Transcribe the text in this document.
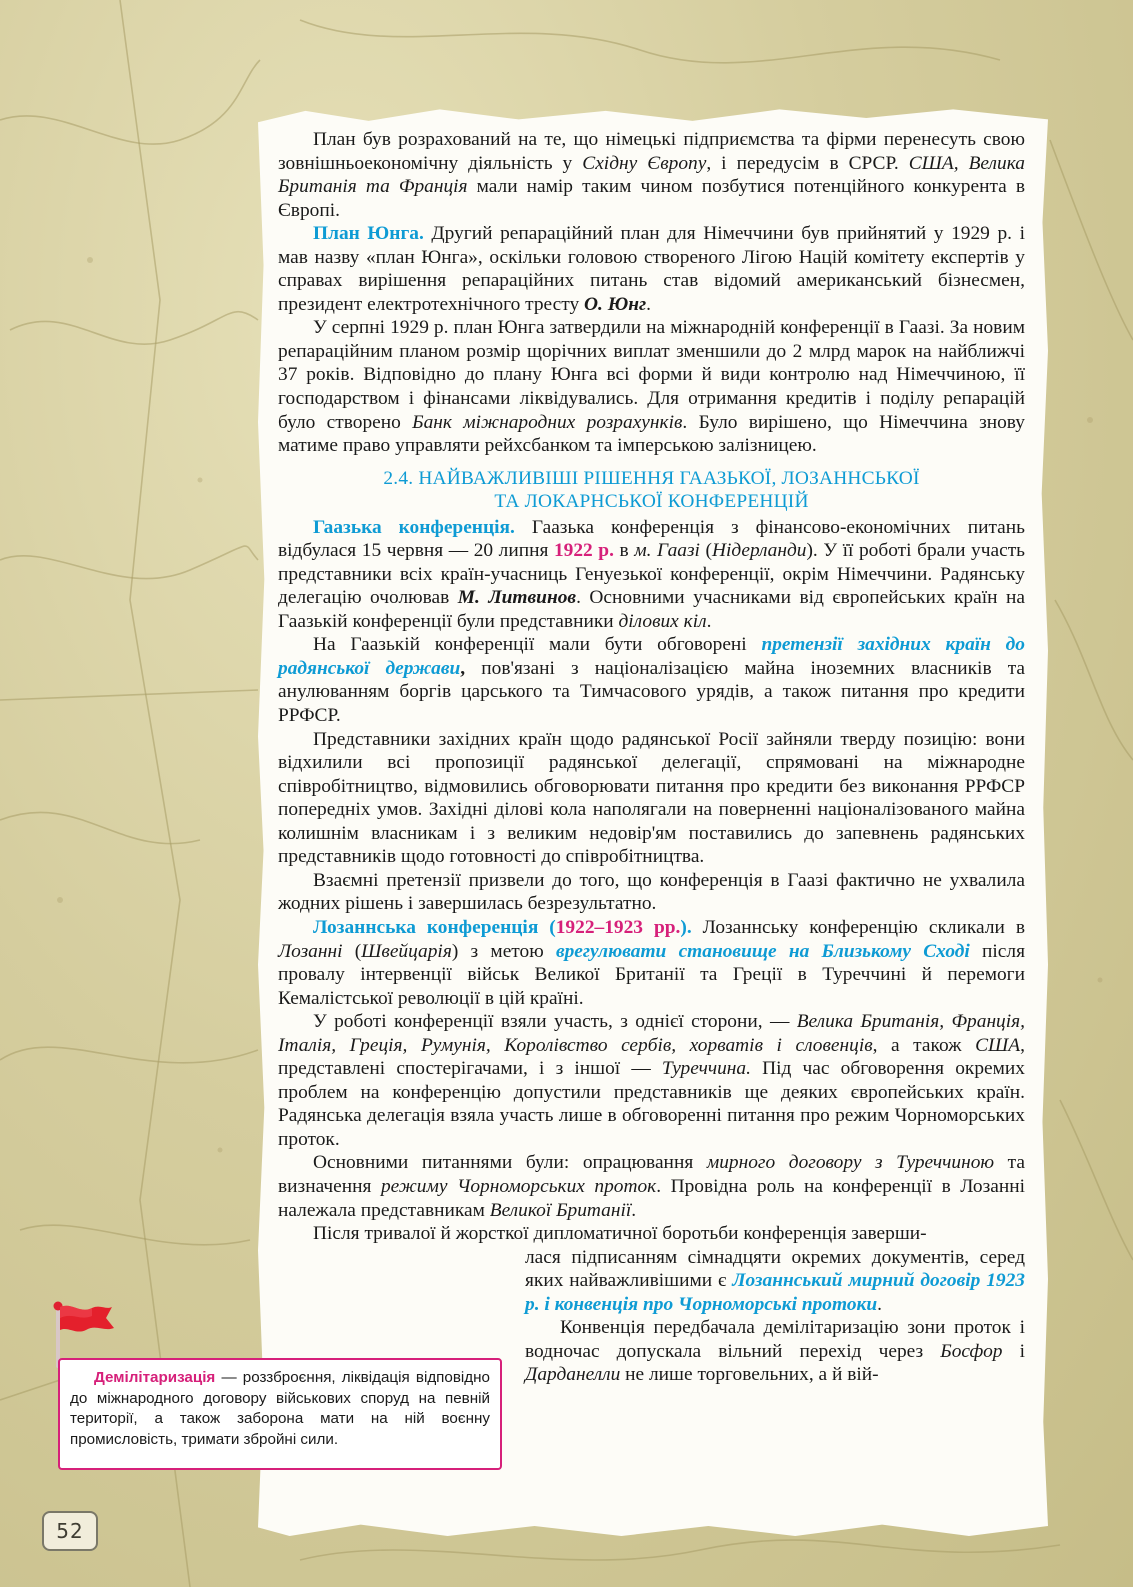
План був розрахований на те, що німецькі підприємства та фірми перенесуть свою зовнішньоекономічну діяльність у Східну Європу, і передусім в СРСР. США, Велика Британія та Франція мали намір таким чином позбутися потенційного конкурента в Європі.

План Юнга. Другий репараційний план для Німеччини був прийнятий у 1929 р. і мав назву «план Юнга», оскільки головою створеного Лігою Націй комітету експертів у справах вирішення репараційних питань став відомий американський бізнесмен, президент електротехнічного тресту О. Юнг.

У серпні 1929 р. план Юнга затвердили на міжнародній конференції в Гаазі. За новим репараційним планом розмір щорічних виплат зменшили до 2 млрд марок на найближчі 37 років. Відповідно до плану Юнга всі форми й види контролю над Німеччиною, її господарством і фінансами ліквідувались. Для отримання кредитів і поділу репарацій було створено Банк міжнародних розрахунків. Було вирішено, що Німеччина знову матиме право управляти рейхсбанком та імперською залізницею.

2.4. НАЙВАЖЛИВІШІ РІШЕННЯ ГААЗЬКОЇ, ЛОЗАННСЬКОЇ
ТА ЛОКАРНСЬКОЇ КОНФЕРЕНЦІЙ

Гаазька конференція. Гаазька конференція з фінансово-економічних питань відбулася 15 червня — 20 липня 1922 р. в м. Гаазі (Нідерланди). У її роботі брали участь представники всіх країн-учасниць Генуезької конференції, окрім Німеччини. Радянську делегацію очолював М. Литвинов. Основними учасниками від європейських країн на Гаазькій конференції були представники ділових кіл.

На Гаазькій конференції мали бути обговорені претензії західних країн до радянської держави, пов'язані з націоналізацією майна іноземних власників та анулюванням боргів царського та Тимчасового урядів, а також питання про кредити РРФСР.

Представники західних країн щодо радянської Росії зайняли тверду позицію: вони відхилили всі пропозиції радянської делегації, спрямовані на міжнародне співробітництво, відмовились обговорювати питання про кредити без виконання РРФСР попередніх умов. Західні ділові кола наполягали на поверненні націоналізованого майна колишнім власникам і з великим недовір'ям поставились до запевнень радянських представників щодо готовності до співробітництва.

Взаємні претензії призвели до того, що конференція в Гаазі фактично не ухвалила жодних рішень і завершилась безрезультатно.

Лозаннська конференція (1922–1923 рр.). Лозаннську конференцію скликали в Лозанні (Швейцарія) з метою врегулювати становище на Близькому Сході після провалу інтервенції військ Великої Британії та Греції в Туреччині й перемоги Кемалістської революції в цій країні.

У роботі конференції взяли участь, з однієї сторони, — Велика Британія, Франція, Італія, Греція, Румунія, Королівство сербів, хорватів і словенців, а також США, представлені спостерігачами, і з іншої — Туреччина. Під час обговорення окремих проблем на конференцію допустили представників ще деяких європейських країн. Радянська делегація взяла участь лише в обговоренні питання про режим Чорноморських проток.

Основними питаннями були: опрацювання мирного договору з Туреччиною та визначення режиму Чорноморських проток. Провідна роль на конференції в Лозанні належала представникам Великої Британії.

Після тривалої й жорсткої дипломатичної боротьби конференція заверши-

лася підписанням сімнадцяти окремих документів, серед яких найважливішими є Лозаннський мирний договір 1923 р. і конвенція про Чорноморські протоки.

Конвенція передбачала демілітаризацію зони проток і водночас допускала вільний перехід через Босфор і Дарданелли не лише торговельних, а й вій-

Демілітаризація — роззброєння, ліквідація відповідно до міжнародного договору військових споруд на певній території, а також заборона мати на ній воєнну промисловість, тримати збройні сили.

52
